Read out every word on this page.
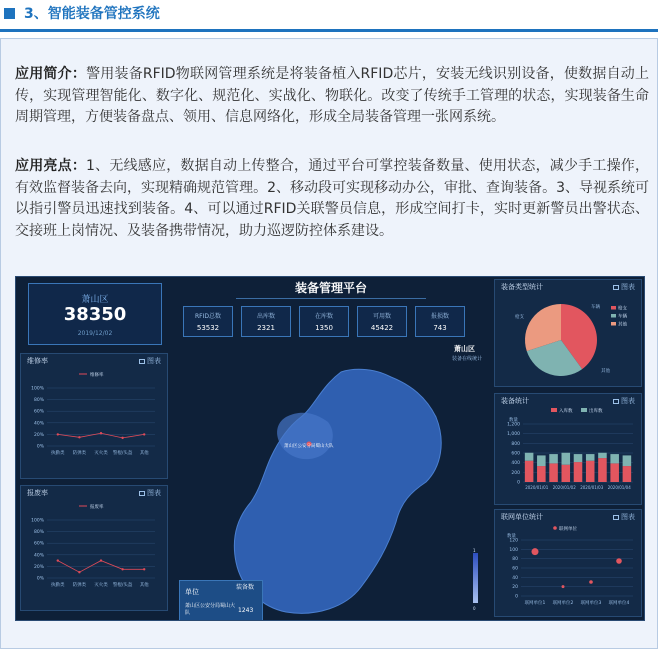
3、智能装备管控系统

应用简介：警用装备RFID物联网管理系统是将装备植入RFID芯片，安装无线识别设备，使数据自动上传，实现管理智能化、数字化、规范化、实战化、物联化。改变了传统手工管理的状态，实现装备生命周期管理，方便装备盘点、领用、信息网络化，形成全局装备管理一张网系统。

应用亮点：1、无线感应，数据自动上传整合，通过平台可掌控装备数量、使用状态，减少手工操作，有效监督装备去向，实现精确规范管理。2、移动段可实现移动办公，审批、查询装备。3、导视系统可以指引警员迅速找到装备。4、可以通过RFID关联警员信息，形成空间打卡，实时更新警员出警状态、交接班上岗情况、及装备携带情况，助力巡逻防控体系建设。

萧山区
38350
2019/12/02
装备管理平台
RFID总数
53532
出库数
2321
在库数
1350
可用数
45422
报损数
743
萧山区
装备在线统计
萧山区公安分局蜀山大队
1
0
单位
装备数
萧山区公安分局蜀山大队	1243
维修率	图表
维修率
100%
80%
60%
40%
20%
0%
执勤类 防弹类 灭火类 警棍/头盔 其他
报废率	图表
报废率
100%
80%
60%
40%
20%
0%
执勤类 防弹类 灭火类 警棍/头盔 其他
装备类型统计	图表
枪支
车辆
其他
车辆
其他
枪支
装备统计	图表
入库数	出库数
数量
1,200
1,000
800
600
400
200
0
2020/01/01 2020/01/02 2020/01/03 2020/01/04
联网单位统计	图表
联网单位
数量
120
100
80
60
40
20
0
联网单位1 联网单位2 联网单位3 联网单位4
